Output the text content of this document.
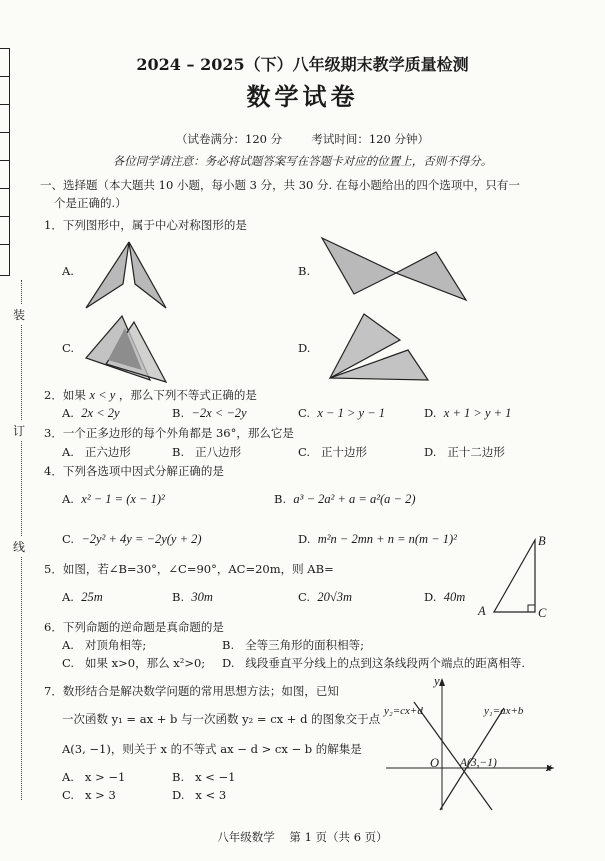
装
订
线
2024 – 2025（下）八年级期末教学质量检测
数学试卷
（试卷满分：120 分        考试时间：120 分钟）
各位同学请注意：务必将试题答案写在答题卡对应的位置上，否则不得分。
一、选择题（本大题共 10 小题，每小题 3 分，共 30 分. 在每小题给出的四个选项中，只有一
个是正确的.）
1．下列图形中，属于中心对称图形的是
A.	B.
C.	D.
2．如果 x < y ，那么下列不等式正确的是
A. 2x < 2y	B. −2x < −2y	C. x − 1 > y − 1	D. x + 1 > y + 1
3．一个正多边形的每个外角都是 36°，那么它是
A.   正六边形	B.   正八边形	C.   正十边形	D.   正十二边形
4．下列各选项中因式分解正确的是
A. x² − 1 = (x − 1)²	B. a³ − 2a² + a = a²(a − 2)
C. −2y² + 4y = −2y(y + 2)	D. m²n − 2mn + n = n(m − 1)²
5．如图，若∠B=30°，∠C=90°，AC=20m，则 AB=
A. 25m	B. 30m	C. 20√3m	D. 40m
A
B
C
6．下列命题的逆命题是真命题的是
A.   对顶角相等;	B.   全等三角形的面积相等;
C.   如果 x>0，那么 x²>0; D.   线段垂直平分线上的点到这条线段两个端点的距离相等.
7．数形结合是解决数学问题的常用思想方法；如图，已知
一次函数 y₁ = ax + b 与一次函数 y₂ = cx + d 的图象交于点
A(3, −1)，则关于 x 的不等式 ax − d > cx − b 的解集是
A.   x > −1	B.   x < −1
C.   x > 3	D.   x < 3
y
x
O
y₂=cx+d	y₁=ax+b
A(3,−1)
八年级数学    第 1 页（共 6 页）
